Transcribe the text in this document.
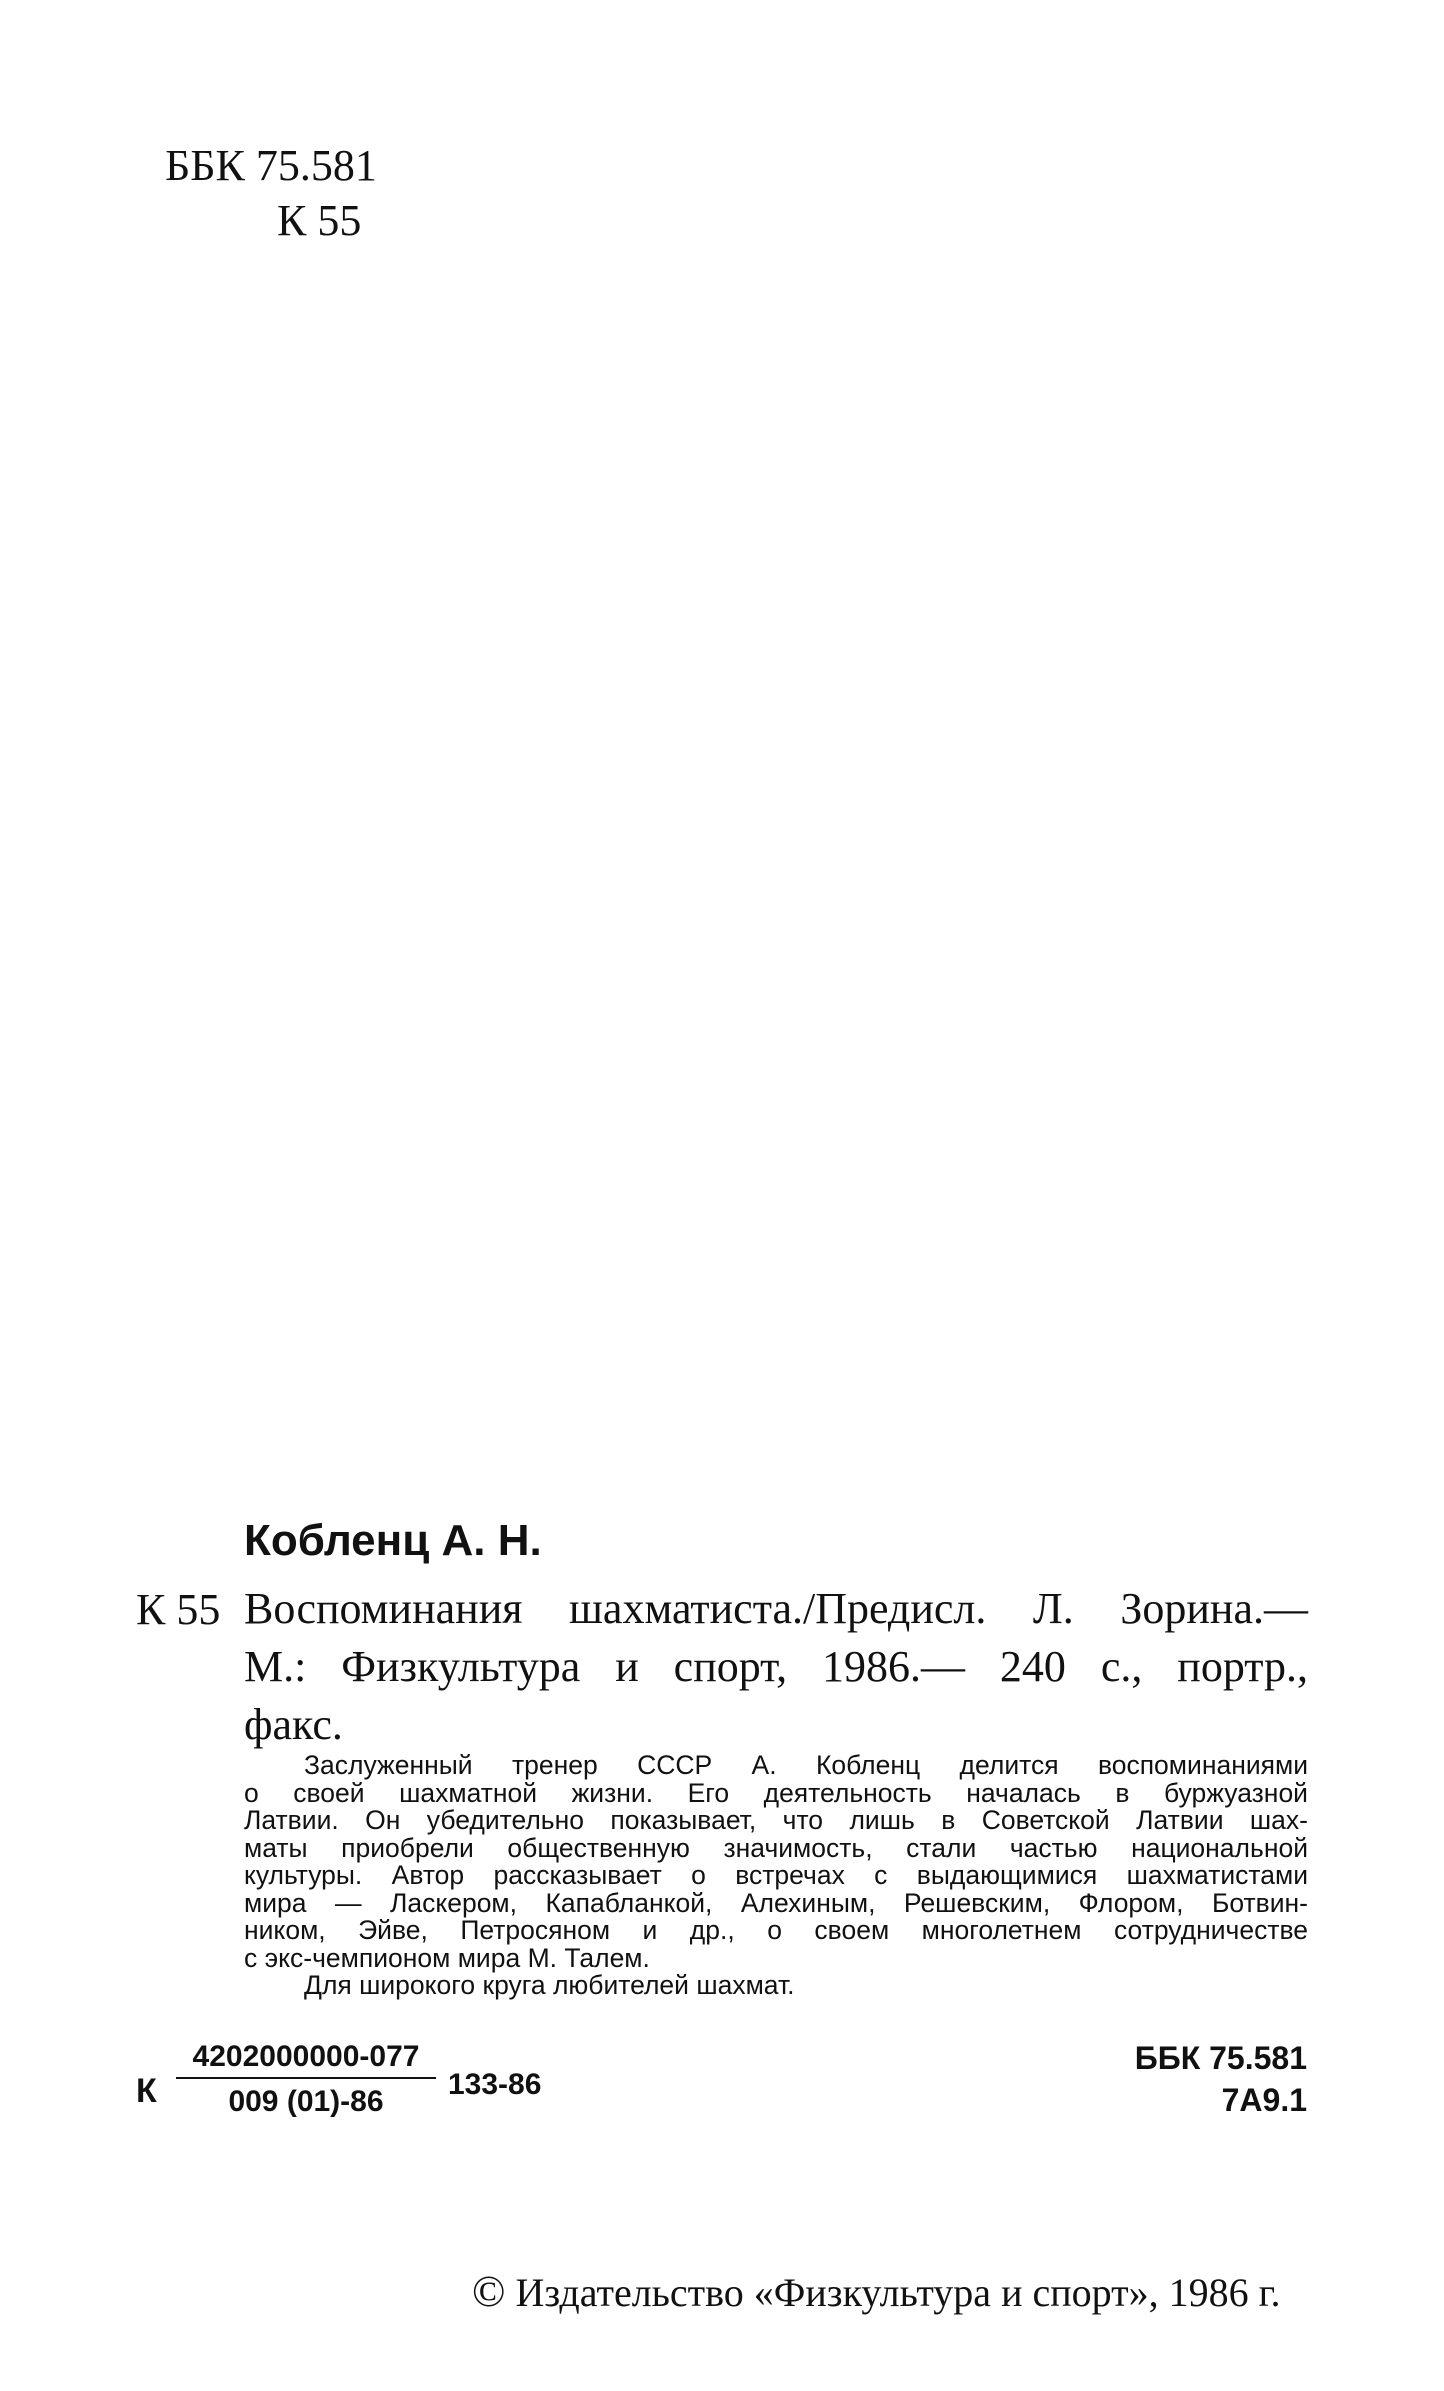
ББК 75.581
К 55
Кобленц А. Н.
К 55 Воспоминания шахматиста./Предисл. Л. Зорина.—
М.: Физкультура и спорт, 1986.— 240 с., портр.,
факс.
Заслуженный тренер СССР А. Кобленц делится воспоминаниями
о своей шахматной жизни. Его деятельность началась в буржуазной
Латвии. Он убедительно показывает, что лишь в Советской Латвии шах-
маты приобрели общественную значимость, стали частью национальной
культуры. Автор рассказывает о встречах с выдающимися шахматистами
мира — Ласкером, Капабланкой, Алехиным, Решевским, Флором, Ботвин-
ником, Эйве, Петросяном и др., о своем многолетнем сотрудничестве
с экс-чемпионом мира М. Талем.
Для широкого круга любителей шахмат.
К $\frac{4202000000-077}{009 (01)-86} 133-86$
ББК 75.581
7А9.1
© Издательство «Физкультура и спорт», 1986 г.
